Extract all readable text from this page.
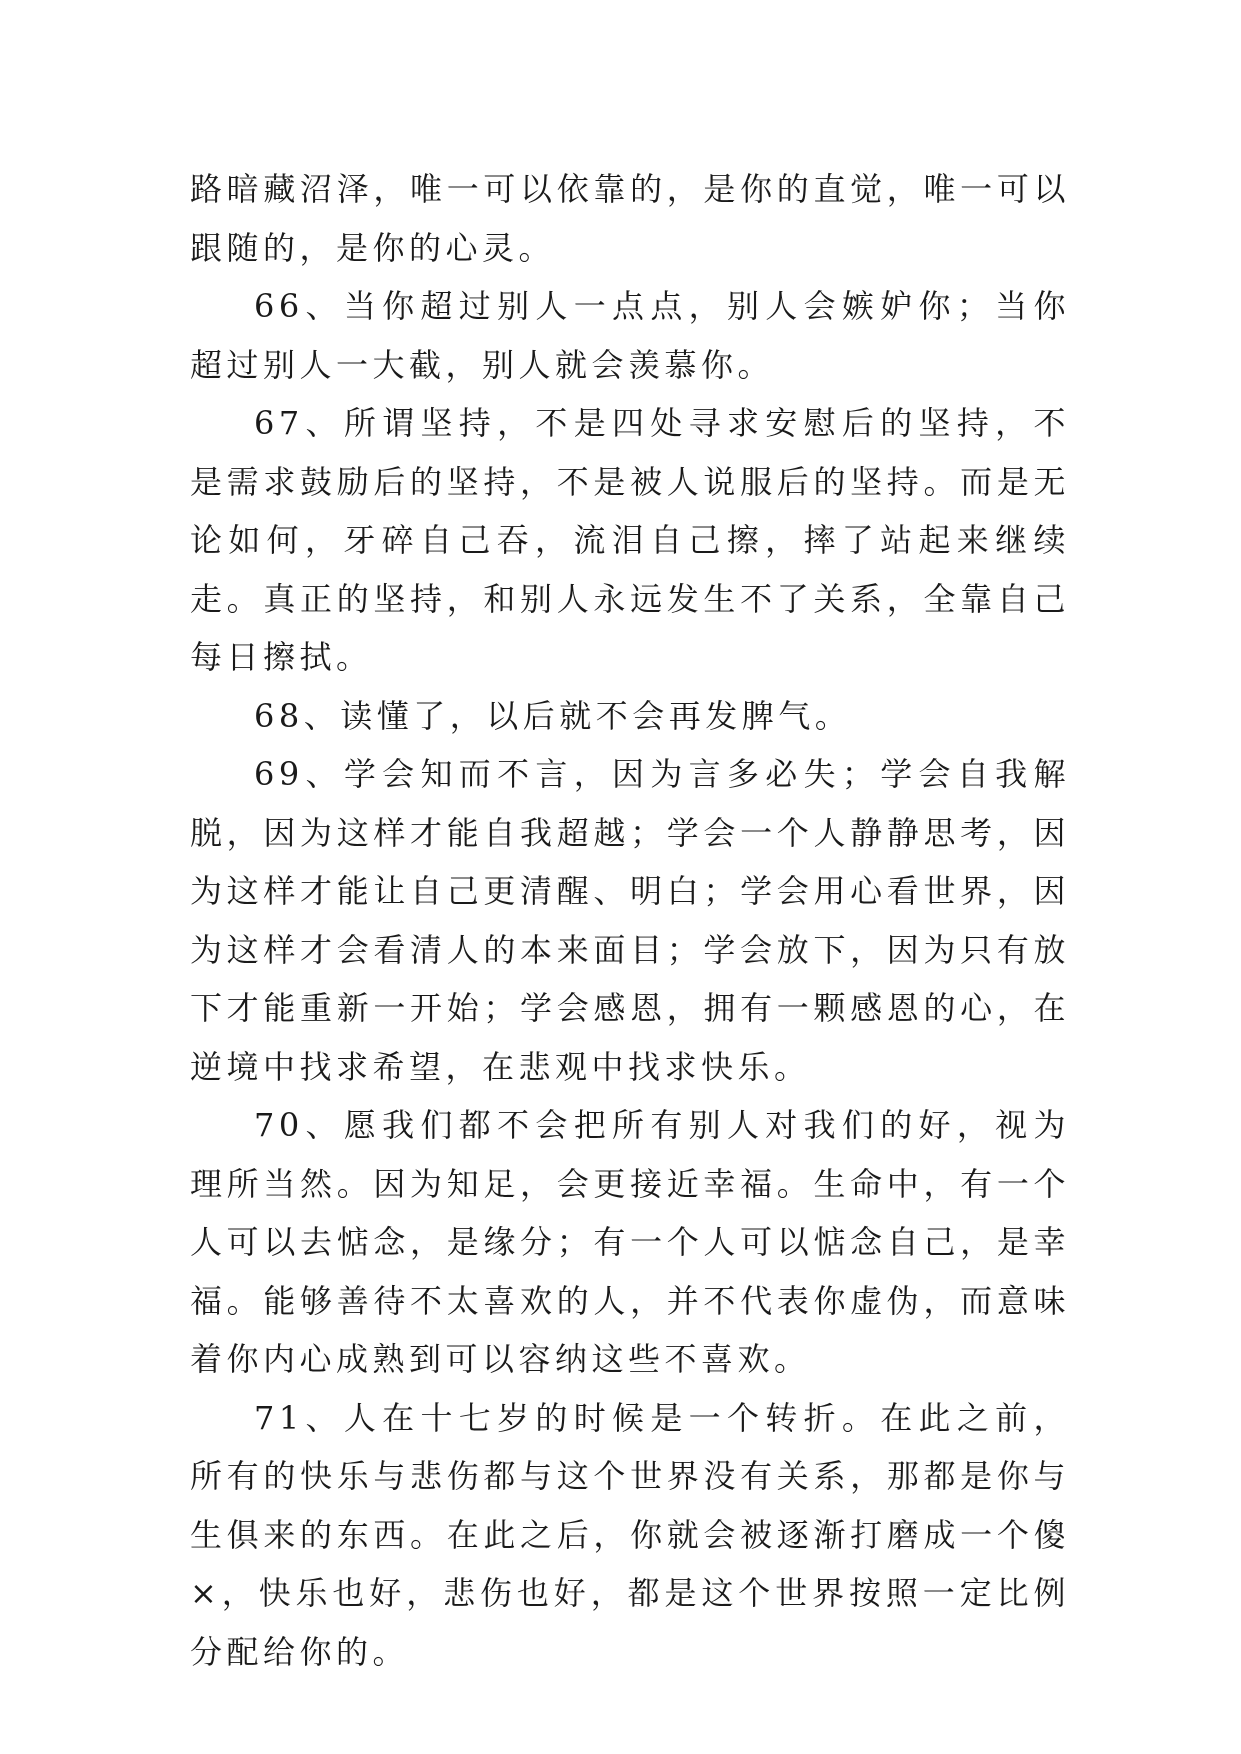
路暗藏沼泽，唯一可以依靠的，是你的直觉，唯一可以跟随的，是你的心灵。

66、当你超过别人一点点，别人会嫉妒你；当你超过别人一大截，别人就会羡慕你。

67、所谓坚持，不是四处寻求安慰后的坚持，不是需求鼓励后的坚持，不是被人说服后的坚持。而是无论如何，牙碎自己吞，流泪自己擦，摔了站起来继续走。真正的坚持，和别人永远发生不了关系，全靠自己每日擦拭。

68、读懂了，以后就不会再发脾气。

69、学会知而不言，因为言多必失；学会自我解脱，因为这样才能自我超越；学会一个人静静思考，因为这样才能让自己更清醒、明白；学会用心看世界，因为这样才会看清人的本来面目；学会放下，因为只有放下才能重新一开始；学会感恩，拥有一颗感恩的心，在逆境中找求希望，在悲观中找求快乐。

70、愿我们都不会把所有别人对我们的好，视为理所当然。因为知足，会更接近幸福。生命中，有一个人可以去惦念，是缘分；有一个人可以惦念自己，是幸福。能够善待不太喜欢的人，并不代表你虚伪，而意味着你内心成熟到可以容纳这些不喜欢。

71、人在十七岁的时候是一个转折。在此之前，所有的快乐与悲伤都与这个世界没有关系，那都是你与生俱来的东西。在此之后，你就会被逐渐打磨成一个傻×，快乐也好，悲伤也好，都是这个世界按照一定比例分配给你的。
